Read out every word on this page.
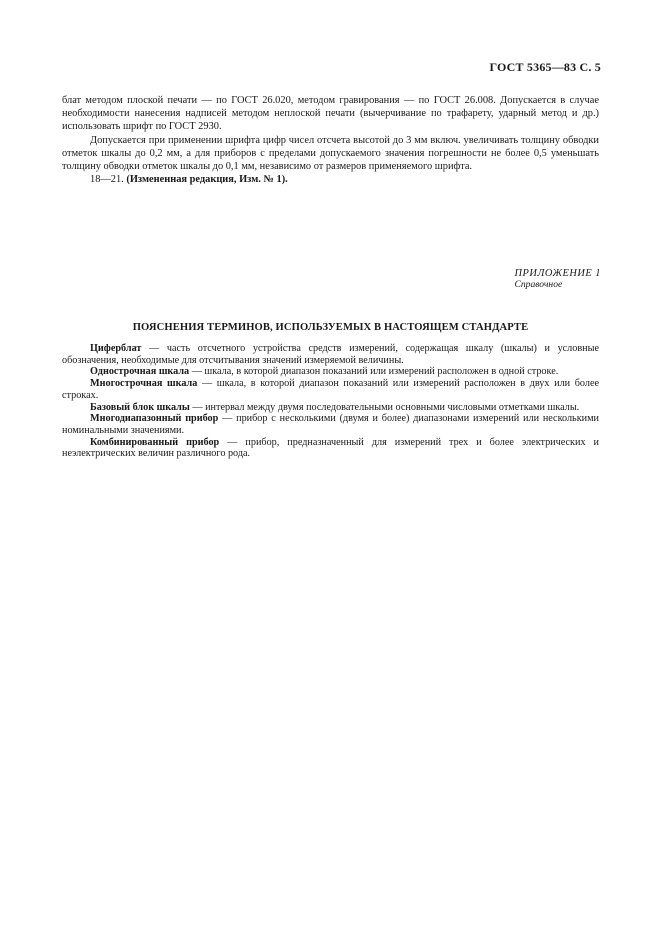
ГОСТ 5365—83 С. 5

блат методом плоской печати — по ГОСТ 26.020, методом гравирования — по ГОСТ 26.008. Допускается в случае необходимости нанесения надписей методом неплоской печати (вычерчивание по трафарету, ударный метод и др.) использовать шрифт по ГОСТ 2930.

Допускается при применении шрифта цифр чисел отсчета высотой до 3 мм включ. увеличивать толщину обводки отметок шкалы до 0,2 мм, а для приборов с пределами допускаемого значения погрешности не более 0,5 уменьшать толщину обводки отметок шкалы до 0,1 мм, независимо от размеров применяемого шрифта.

18—21. (Измененная редакция, Изм. № 1).

ПРИЛОЖЕНИЕ 1
Справочное
ПОЯСНЕНИЯ ТЕРМИНОВ, ИСПОЛЬЗУЕМЫХ В НАСТОЯЩЕМ СТАНДАРТЕ

Циферблат — часть отсчетного устройства средств измерений, содержащая шкалу (шкалы) и условные обозначения, необходимые для отсчитывания значений измеряемой величины.

Однострочная шкала — шкала, в которой диапазон показаний или измерений расположен в одной строке.

Многострочная шкала — шкала, в которой диапазон показаний или измерений расположен в двух или более строках.

Базовый блок шкалы — интервал между двумя последовательными основными числовыми отметками шкалы.

Многодиапазонный прибор — прибор с несколькими (двумя и более) диапазонами измерений или несколькими номинальными значениями.

Комбинированный прибор — прибор, предназначенный для измерений трех и более электрических и неэлектрических величин различного рода.
